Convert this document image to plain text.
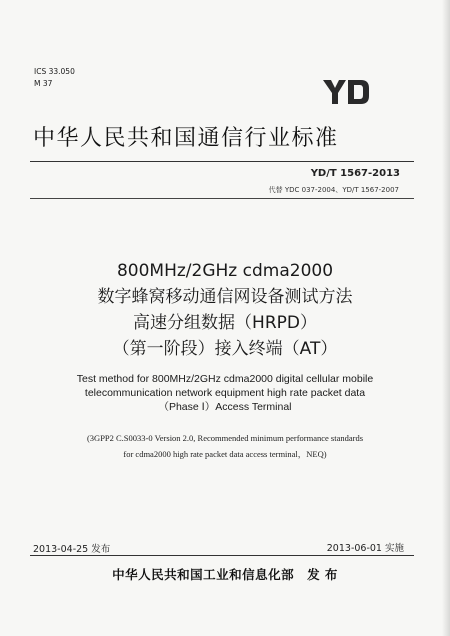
ICS 33.050
M 37
中华人民共和国通信行业标准
YD/T 1567-2013
代替 YDC 037-2004、YD/T 1567-2007
800MHz/2GHz cdma2000
数字蜂窝移动通信网设备测试方法
高速分组数据（HRPD）
（第一阶段）接入终端（AT）
Test method for 800MHz/2GHz cdma2000 digital cellular mobile
telecommunication network equipment high rate packet data
（Phase Ⅰ）Access Terminal
(3GPP2 C.S0033-0 Version 2.0, Recommended minimum performance standards
for cdma2000 high rate packet data access terminal，NEQ)
2013-04-25 发布	2013-06-01 实施
中华人民共和国工业和信息化部　发 布
